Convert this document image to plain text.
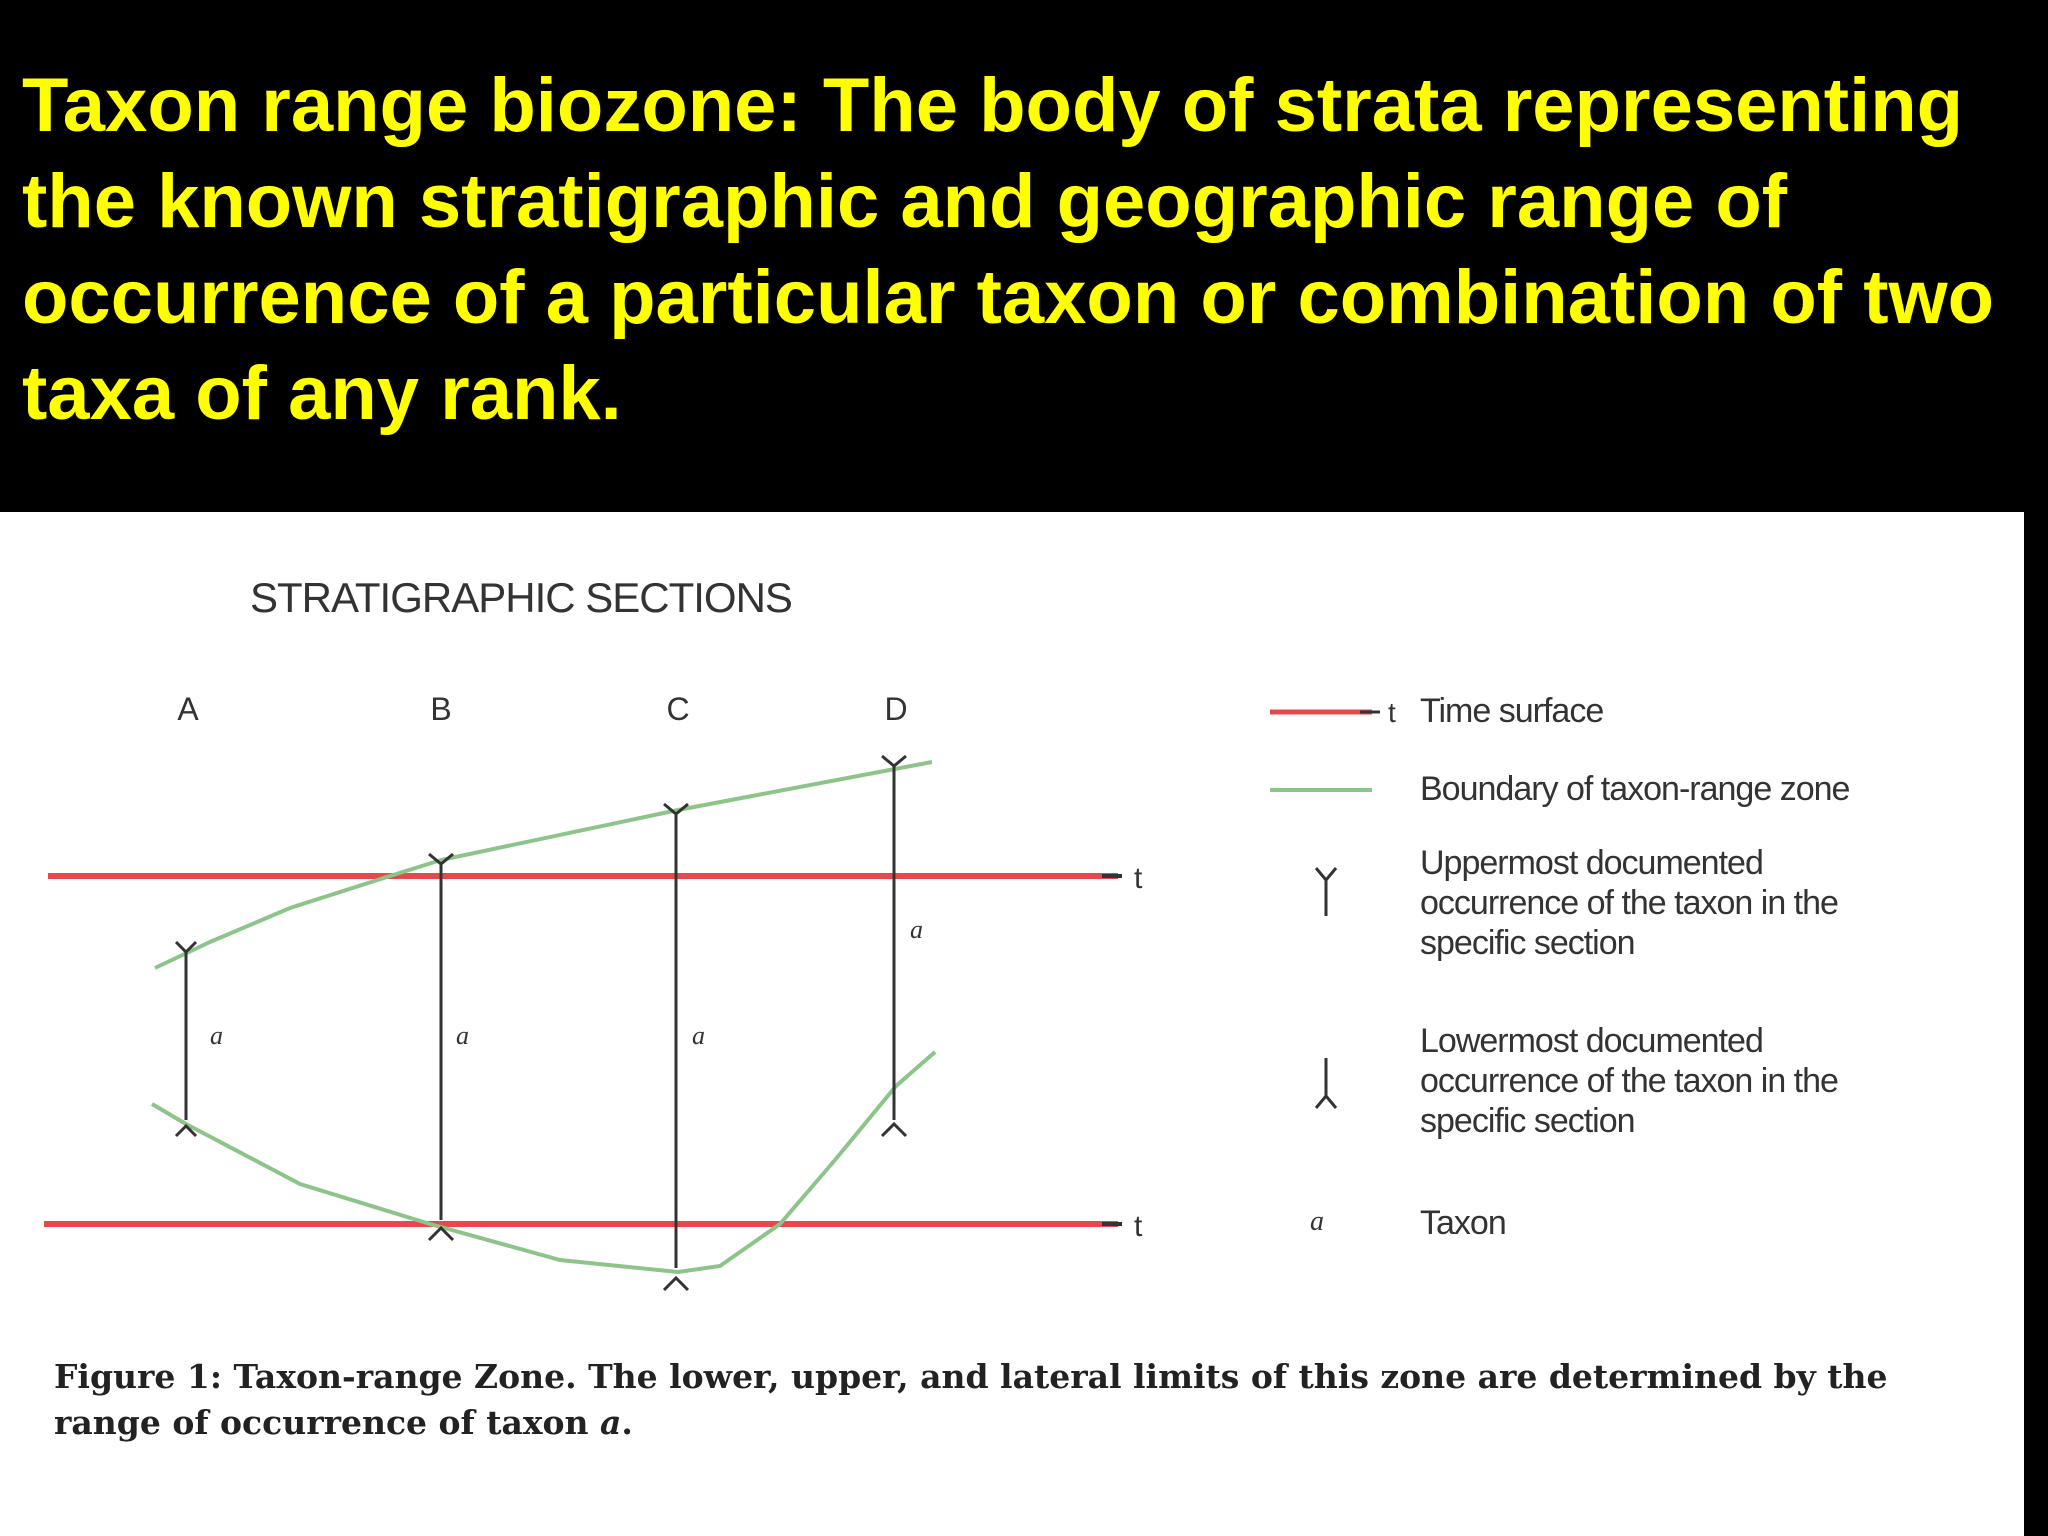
Taxon range biozone: The body of strata representing the known stratigraphic and geographic range of occurrence of a particular taxon or combination of two taxa of any rank.
STRATIGRAPHIC SECTIONS
A	B	C	D
t
t
a	a	a
a
t Time surface
Boundary of taxon-range zone
Uppermost documented
occurrence of the taxon in the
specific section
Lowermost documented
occurrence of the taxon in the
specific section
a	Taxon
Figure 1: Taxon-range Zone. The lower, upper, and lateral limits of this zone are determined by the range of occurrence of taxon a.
